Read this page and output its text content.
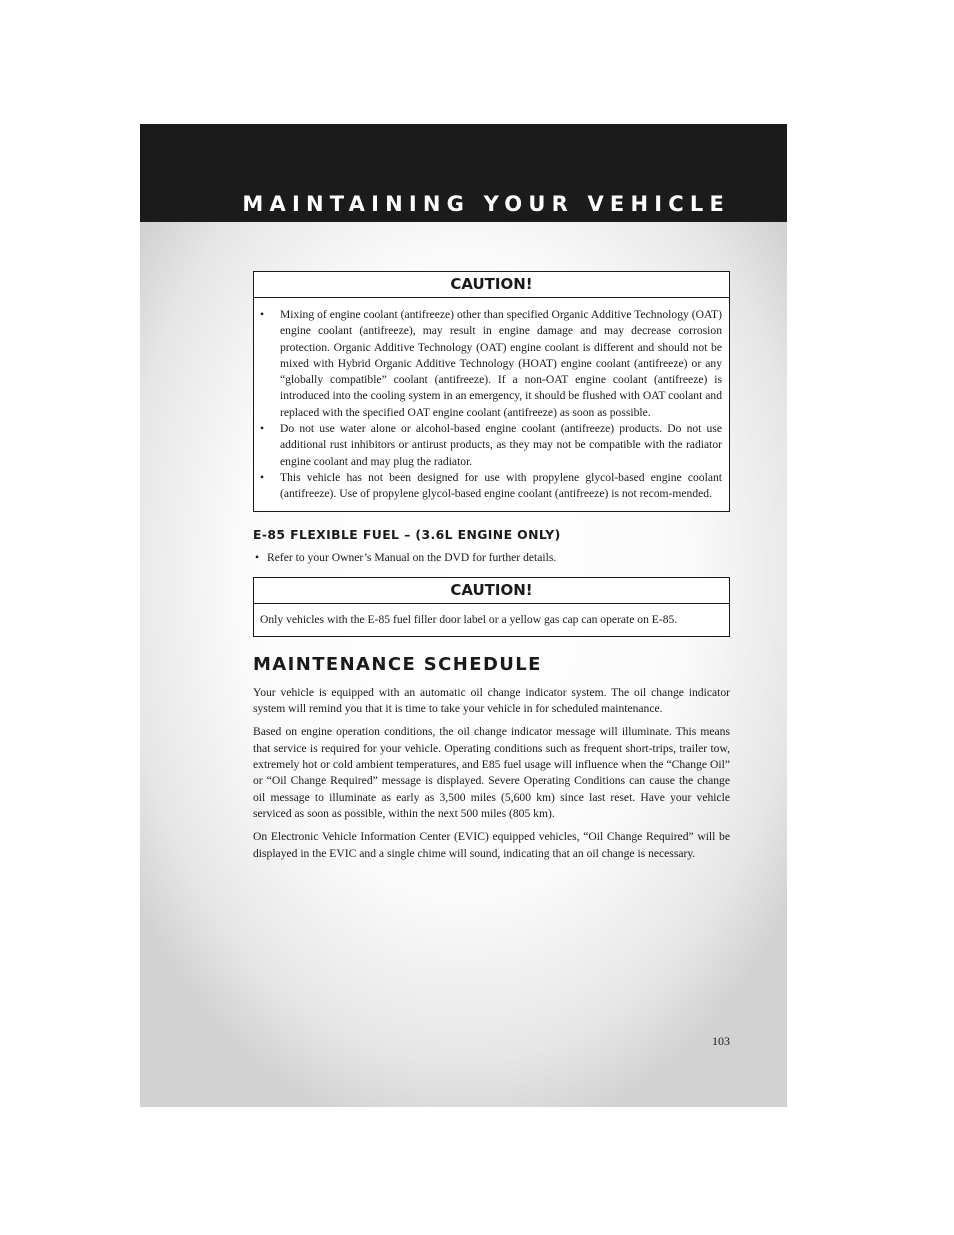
MAINTAINING YOUR VEHICLE
CAUTION!
• Mixing of engine coolant (antifreeze) other than specified Organic Additive Technology (OAT) engine coolant (antifreeze), may result in engine damage and may decrease corrosion protection. Organic Additive Technology (OAT) engine coolant is different and should not be mixed with Hybrid Organic Additive Technology (HOAT) engine coolant (antifreeze) or any “globally compatible” coolant (antifreeze). If a non-OAT engine coolant (antifreeze) is introduced into the cooling system in an emergency, it should be flushed with OAT coolant and replaced with the specified OAT engine coolant (antifreeze) as soon as possible.
• Do not use water alone or alcohol-based engine coolant (antifreeze) products. Do not use additional rust inhibitors or antirust products, as they may not be compatible with the radiator engine coolant and may plug the radiator.
• This vehicle has not been designed for use with propylene glycol-based engine coolant (antifreeze). Use of propylene glycol-based engine coolant (antifreeze) is not recom-mended.
E-85 FLEXIBLE FUEL – (3.6L ENGINE ONLY)

• Refer to your Owner’s Manual on the DVD for further details.

CAUTION!
Only vehicles with the E-85 fuel filler door label or a yellow gas cap can operate on E-85.
MAINTENANCE SCHEDULE

Your vehicle is equipped with an automatic oil change indicator system. The oil change indicator system will remind you that it is time to take your vehicle in for scheduled maintenance.

Based on engine operation conditions, the oil change indicator message will illuminate. This means that service is required for your vehicle. Operating conditions such as frequent short-trips, trailer tow, extremely hot or cold ambient temperatures, and E85 fuel usage will influence when the “Change Oil” or “Oil Change Required” message is displayed. Severe Operating Conditions can cause the change oil message to illuminate as early as 3,500 miles (5,600 km) since last reset. Have your vehicle serviced as soon as possible, within the next 500 miles (805 km).

On Electronic Vehicle Information Center (EVIC) equipped vehicles, “Oil Change Required” will be displayed in the EVIC and a single chime will sound, indicating that an oil change is necessary.

103
